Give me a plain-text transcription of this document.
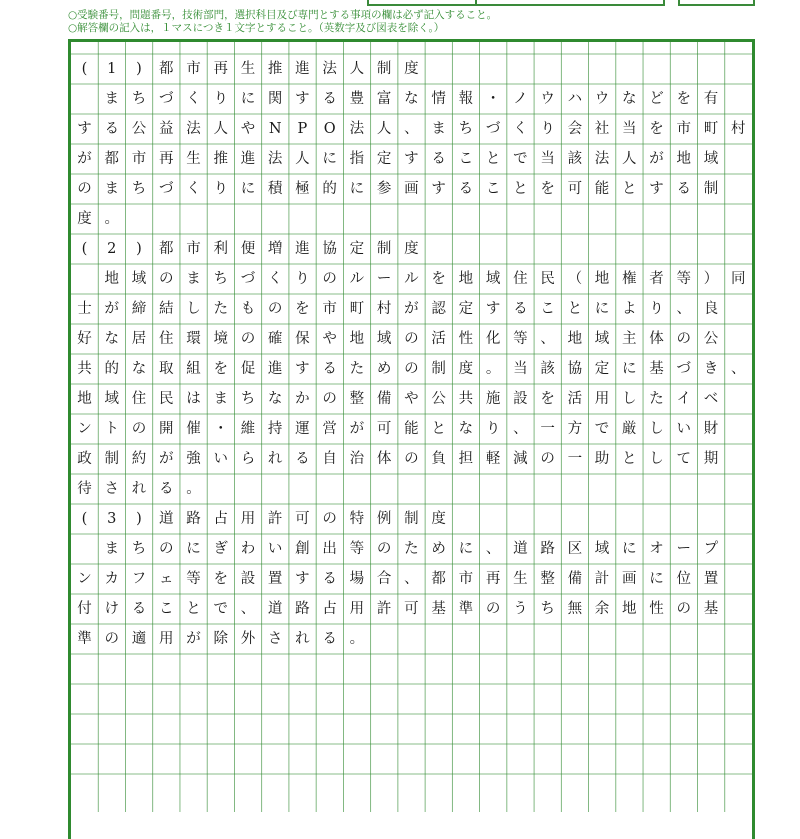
○受験番号，問題番号，技術部門，選択科目及び専門とする事項の欄は必ず記入すること。
○解答欄の記入は，１マスにつき１文字とすること。（英数字及び図表を除く。）
(	1	)	都 市 再 生 推 進 法 人 制 度

ま ち づ く り に 関 す る 豊 富 な 情 報 ・ ノ ウ ハ ウ な ど を 有
す る 公 益 法 人 や N	P	O 法 人 、 ま ち づ く り 会 社 当 を 市 町 村
が 都 市 再 生 推 進 法 人 に 指 定 す る こ と で 当 該 法 人 が 地 域
の ま ち づ く り に 積 極 的 に 参 画 す る こ と を 可 能 と す る 制
度 。
(	2	)	都 市 利 便 増 進 協 定 制 度

地 域 の ま ち づ く り の ル ー ル を 地 域 住 民 （ 地 権 者 等 ） 同
士 が 締 結 し た も の を 市 町 村 が 認 定 す る こ と に よ り 、 良
好 な 居 住 環 境 の 確 保 や 地 域 の 活 性 化 等 、 地 域 主 体 の 公
共 的 な 取 組 を 促 進 す る た め の 制 度 。 当 該 協 定 に 基 づ き 、
地 域 住 民 は ま ち な か の 整 備 や 公 共 施 設 を 活 用 し た イ ベ
ン ト の 開 催 ・ 維 持 運 営 が 可 能 と な り 、 一 方 で 厳 し い 財
政 制 約 が 強 い ら れ る 自 治 体 の 負 担 軽 減 の 一 助 と し て 期
待 さ れ る 。
(	3	)	道 路 占 用 許 可 の 特 例 制 度

ま ち の に ぎ わ い 創 出 等 の た め に 、 道 路 区 域 に オ ー プ
ン カ フ ェ 等 を 設 置 す る 場 合 、 都 市 再 生 整 備 計 画 に 位 置
付 け る こ と で 、 道 路 占 用 許 可 基 準 の う ち 無 余 地 性 の 基
準 の 適 用 が 除 外 さ れ る 。
